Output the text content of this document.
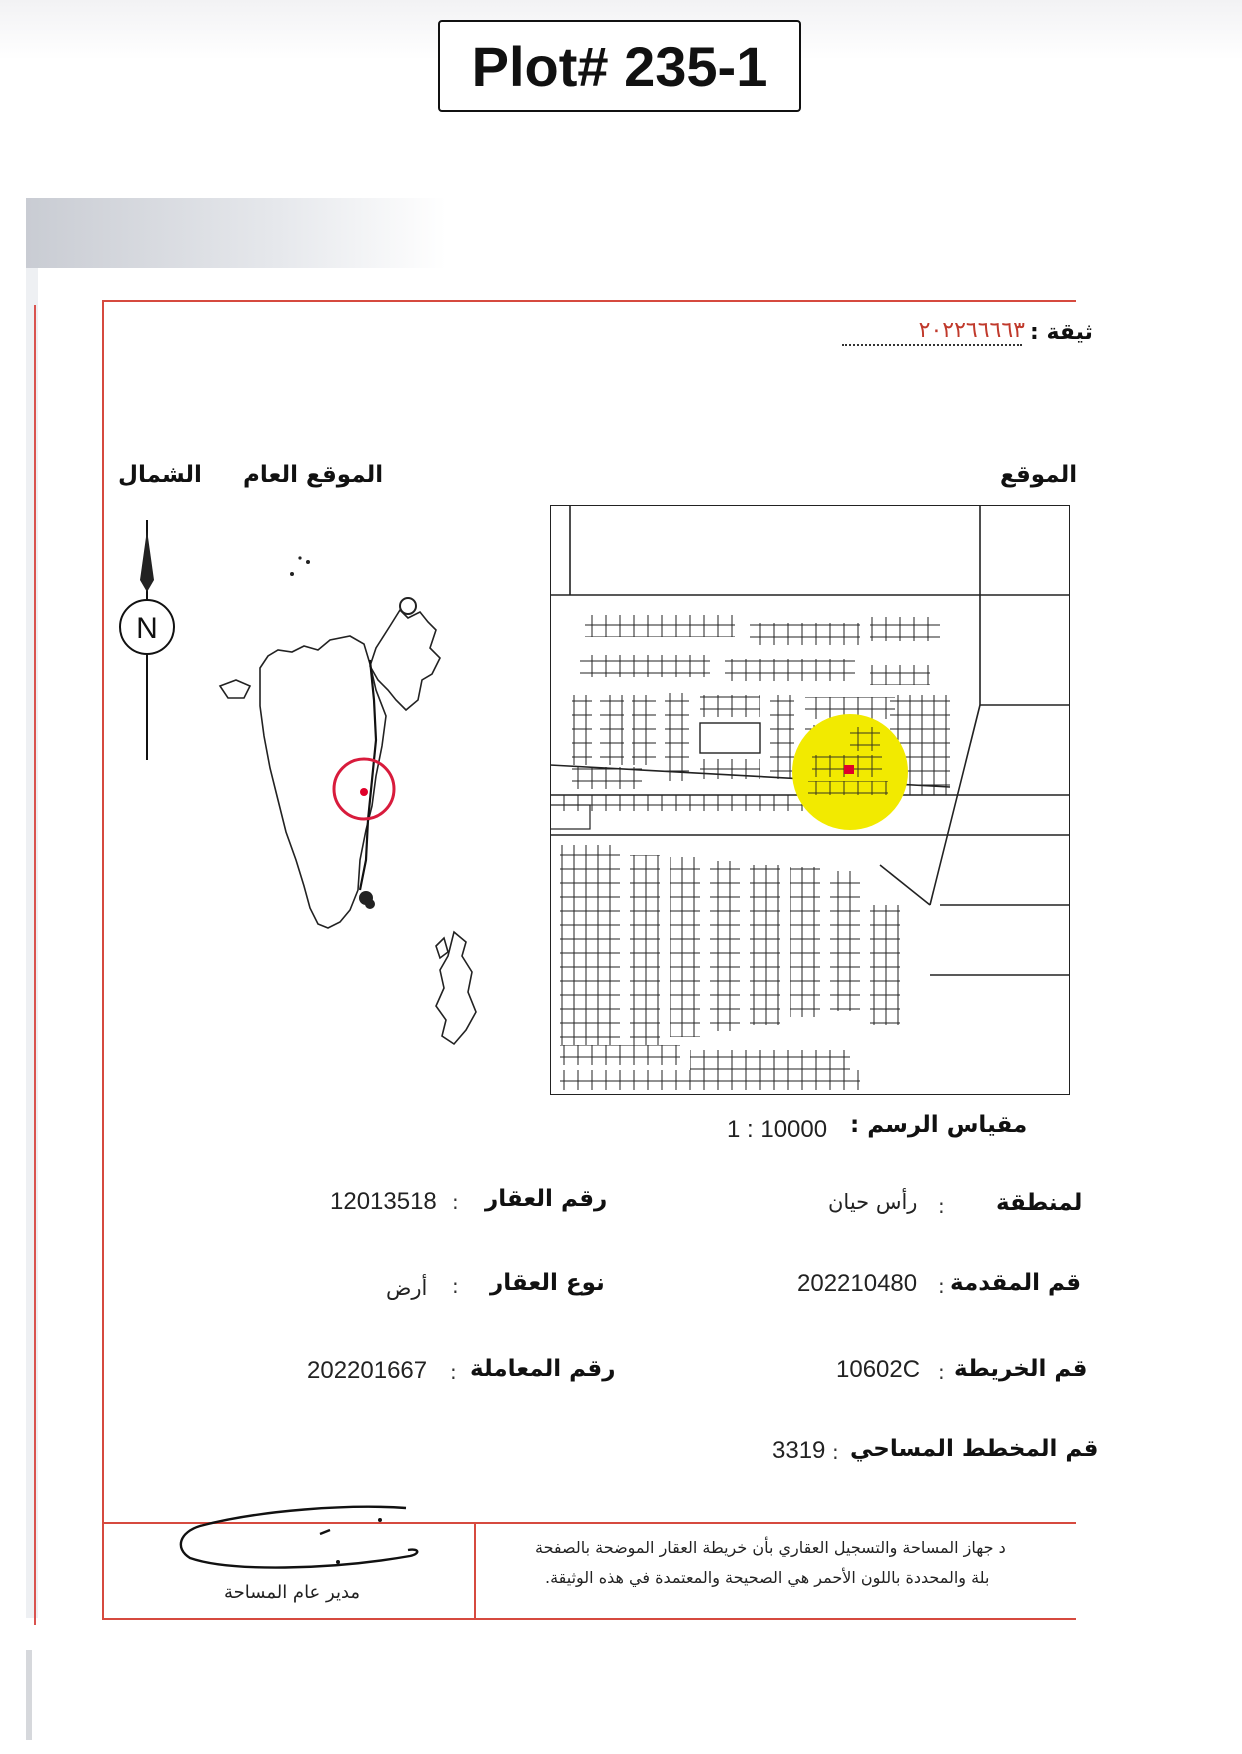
Plot# 235-1
ثيقة :
٢٠٢٢٦٦٦٦٣
الموقع
الموقع العام
الشمال
N
مقياس الرسم :
1 : 10000
رقم العقار
:
12013518
نوع العقار
:
أرض
رقم المعاملة
:
202201667
لمنطقة
:
رأس حيان
قم المقدمة
:
202210480
قم الخريطة
:
10602C
قم المخطط المساحي
:
3319
د جهاز المساحة والتسجيل العقاري بأن خريطة العقار الموضحة بالصفحة
بلة والمحددة باللون الأحمر هي الصحيحة والمعتمدة في هذه الوثيقة.
مدير عام المساحة
